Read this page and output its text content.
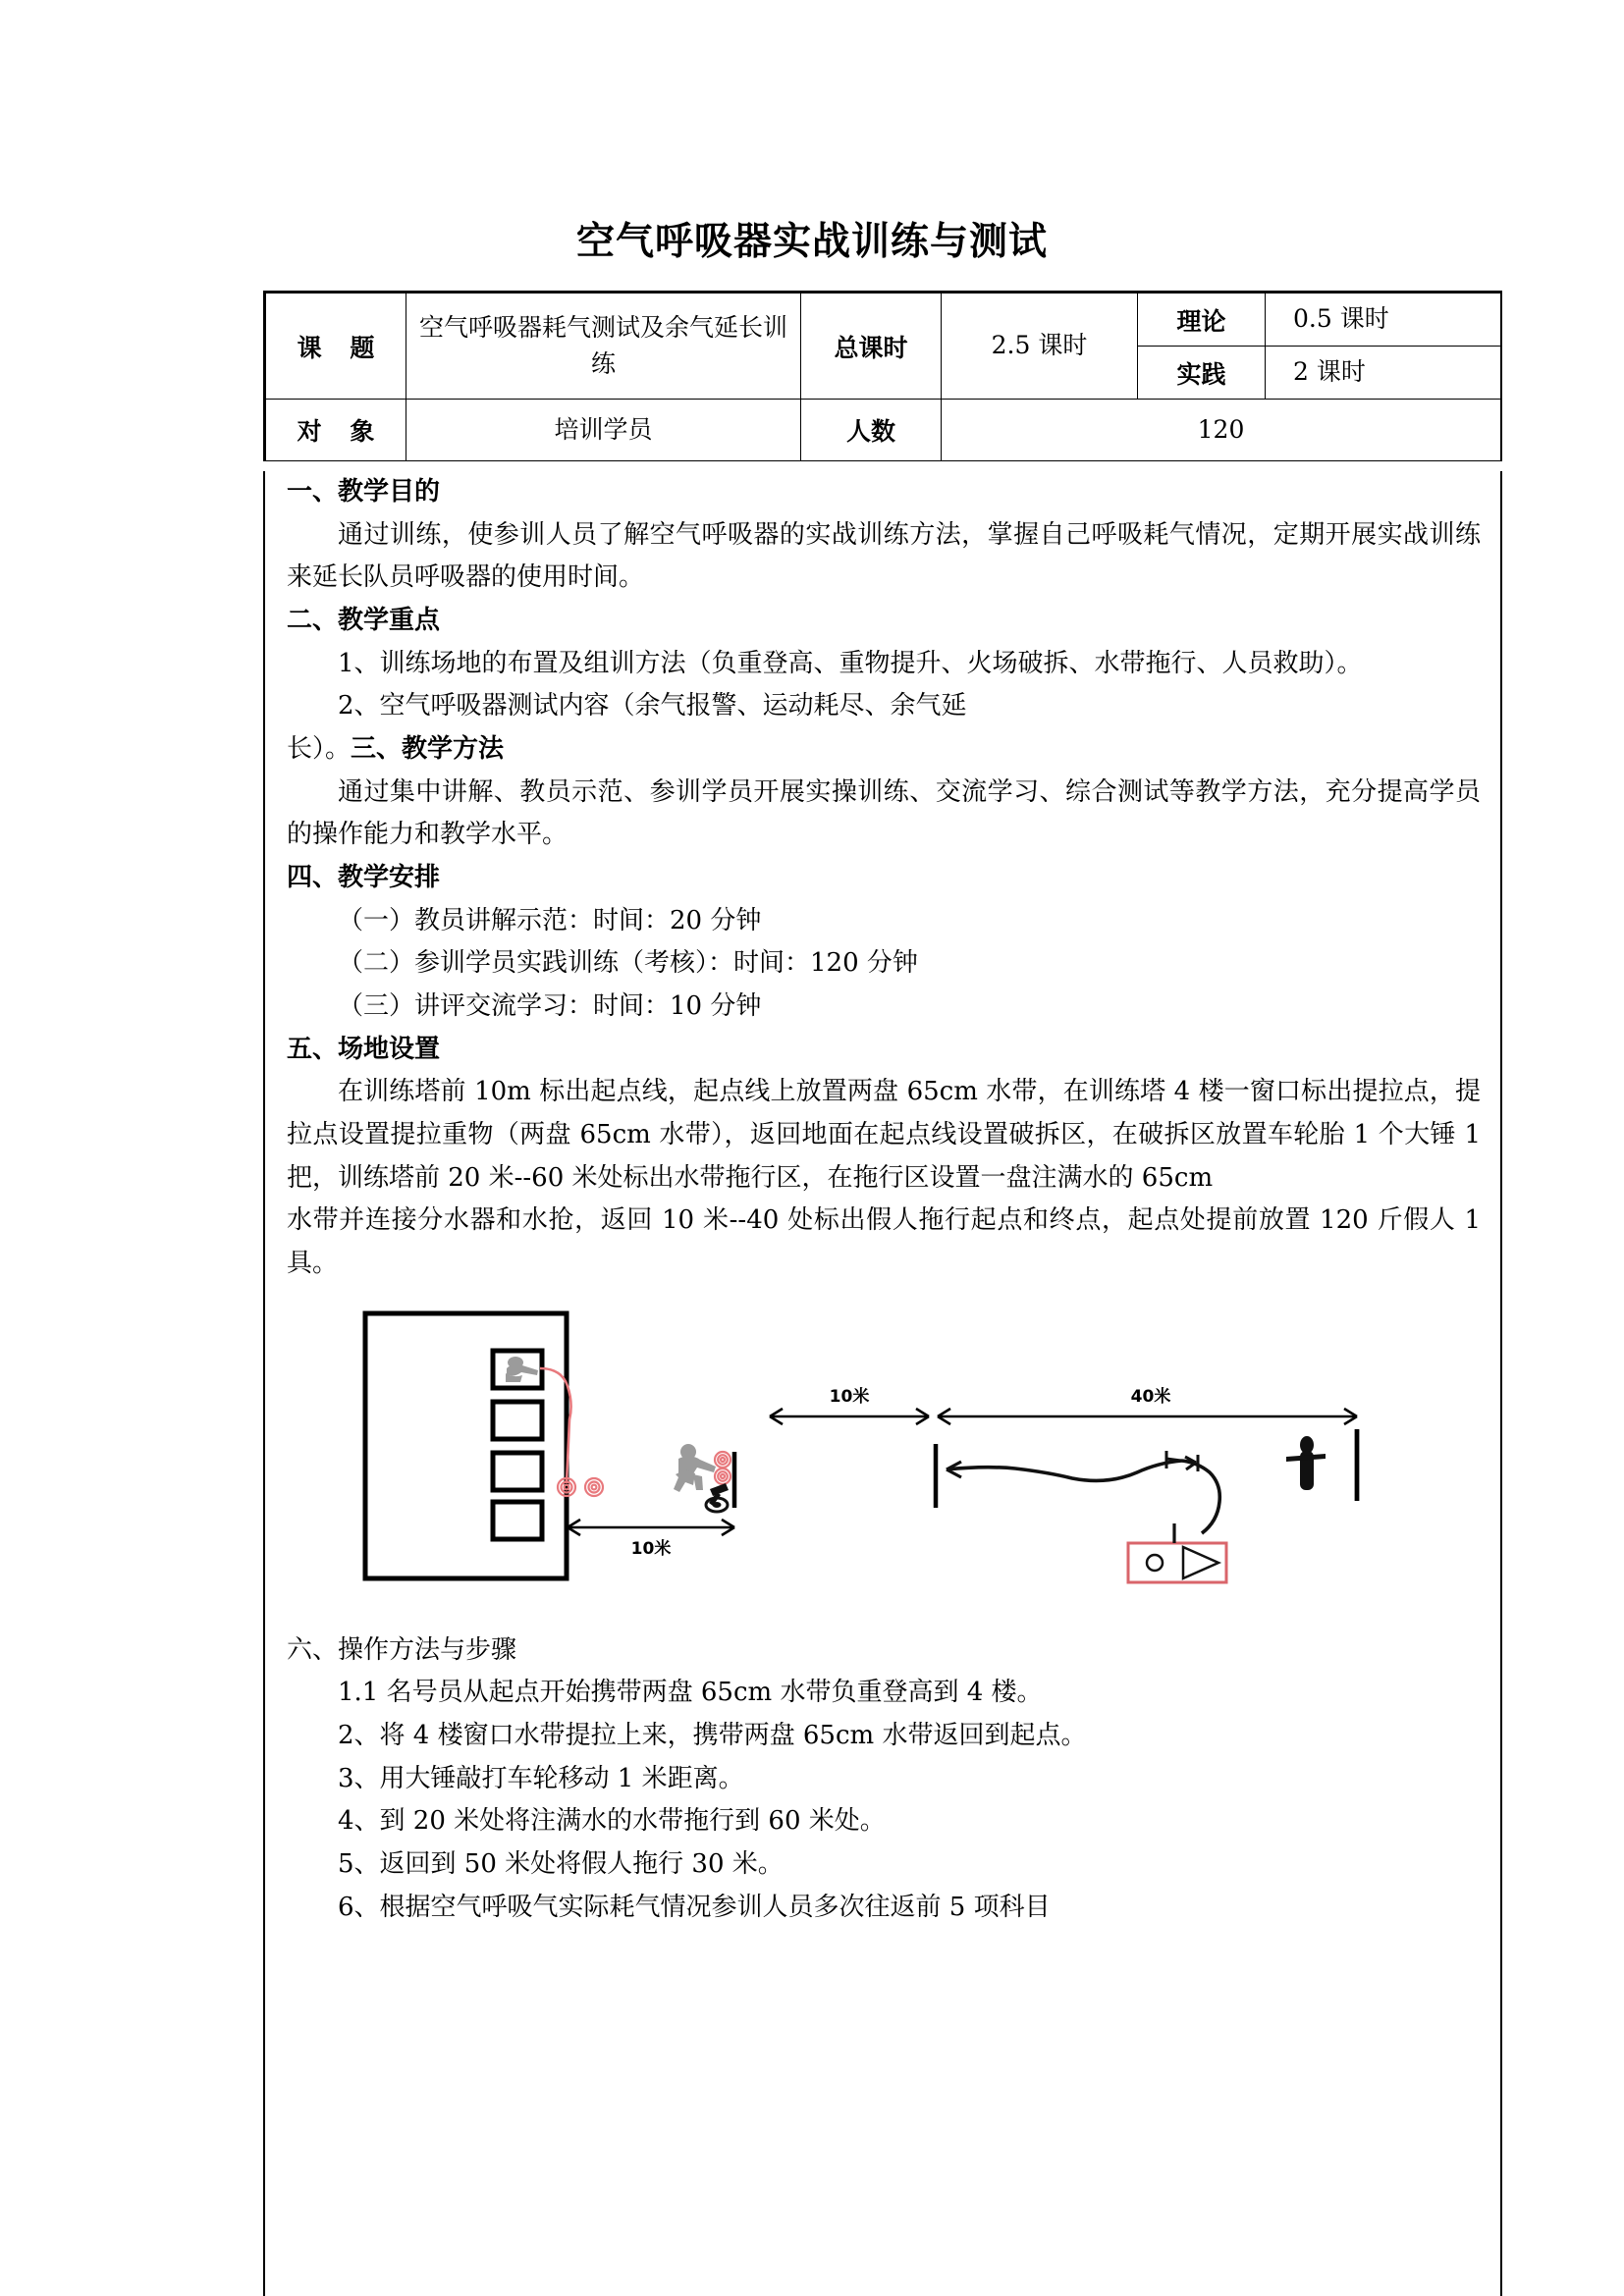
空气呼吸器实战训练与测试
课 题	空气呼吸器耗气测试及余气延长训练	总课时	2.5 课时	理论	0.5 课时
				实践	2 课时
对 象	培训学员	人数	120		
一、教学目的
通过训练，使参训人员了解空气呼吸器的实战训练方法，掌握自己呼吸耗气情况，定期开展实战训练来延长队员呼吸器的使用时间。
二、教学重点
1、训练场地的布置及组训方法（负重登高、重物提升、火场破拆、水带拖行、人员救助）。
2、空气呼吸器测试内容（余气报警、运动耗尽、余气延
长）。三、教学方法
通过集中讲解、教员示范、参训学员开展实操训练、交流学习、综合测试等教学方法，充分提高学员的操作能力和教学水平。
四、教学安排
（一）教员讲解示范：时间：20 分钟
（二）参训学员实践训练（考核）：时间：120 分钟
（三）讲评交流学习：时间：10 分钟
五、场地设置
在训练塔前 10m 标出起点线，起点线上放置两盘 65cm 水带，在训练塔 4 楼一窗口标出提拉点，提拉点设置提拉重物（两盘 65cm 水带），返回地面在起点线设置破拆区，在破拆区放置车轮胎 1 个大锤 1 把，训练塔前 20 米--60 米处标出水带拖行区，在拖行区设置一盘注满水的 65cm
水带并连接分水器和水抢，返回 10 米--40 处标出假人拖行起点和终点，起点处提前放置 120 斤假人 1 具。
10米
10米	40米
六、操作方法与步骤
1.1 名号员从起点开始携带两盘 65cm 水带负重登高到 4 楼。
2、将 4 楼窗口水带提拉上来，携带两盘 65cm 水带返回到起点。
3、用大锤敲打车轮移动 1 米距离。
4、到 20 米处将注满水的水带拖行到 60 米处。
5、返回到 50 米处将假人拖行 30 米。
6、根据空气呼吸气实际耗气情况参训人员多次往返前 5 项科目
